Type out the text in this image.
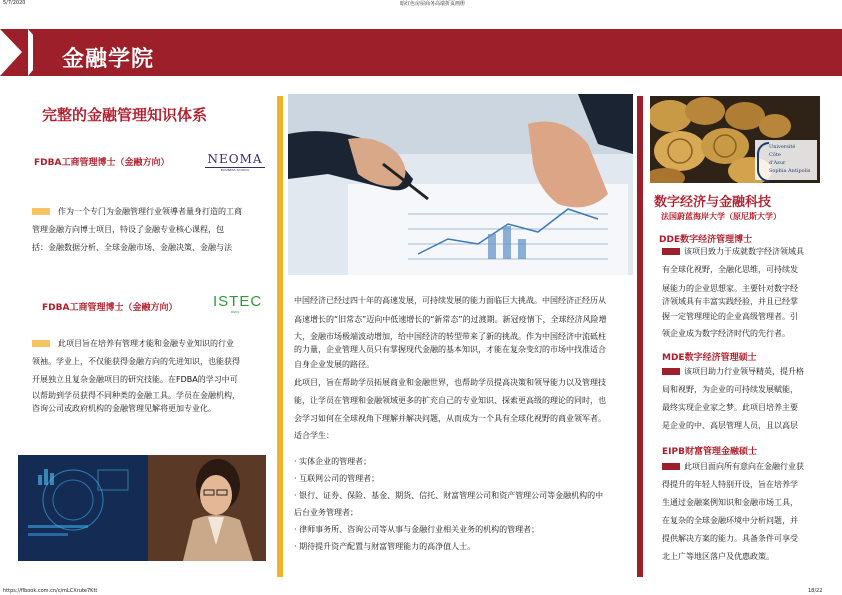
5/7/2020	暗红色房屋商务高端折页画册
金融学院
完整的金融管理知识体系
FDBA工商管理博士（金融方向）	NEOMA
BUSINESS SCHOOL
作为一个专门为金融管理行业领導者量身打造的工商
管理金融方向博士项目，特设了金融专业核心课程，包
括：金融数据分析、全球金融市场、金融决策、金融与法
FDBA工商管理博士（金融方向） ISTEC
PARIS
此项目旨在培养有管理才能和金融专业知识的行业
领袖。学业上，不仅能获得金融方向的先进知识，也能获得
开展独立且复杂金融项目的研究技能。在FDBA的学习中可
以帮助到学员获得不同种类的金融工具。学员在金融机构，
咨询公司或政府机构的金融管理见解将更加专业化。
中国经济已经过四十年的高速发展，可持续发展的能力面临巨大挑战。中国经济正经历从
高速增长的“旧常态”迈向中低速增长的“新常态”的过渡期。新冠疫情下，全球经济风险增
大，金融市场极端波动增加，给中国经济的转型带来了新的挑战。作为中国经济中流砥柱
的力量，企业管理人员只有掌握现代金融的基本知识，才能在复杂变幻的市场中找准适合
自身企业发展的路径。
此项目，旨在帮助学员拓展商业和金融世界，也帮助学员提高决策和领导能力以及管理技
能，让学员在管理和金融领域更多的扩充自己的专业知识、探索更高级的理论的同时，也
会学习如何在全球视角下理解并解决问题，从而成为一个具有全球化视野的商业领军者。
适合学生：
· 实体企业的管理者；
· 互联网公司的管理者；
· 银行、证券、保险、基金、期货、信托、财富管理公司和资产管理公司等金融机构的中
后台业务管理者；
· 律师事务所、咨询公司等从事与金融行业相关业务的机构的管理者；
· 期待提升资产配置与财富管理能力的高净值人士。
Université
Côte
d'Azur
Sophia Antipolis
数字经济与金融科技
法国蔚蓝海岸大学（原尼斯大学）
DDE数字经济管理博士
该项目致力于成就数字经济领域具
有全球化视野，全融化思维，可持续发
展能力的企业思想家。主要针对数字经
济领域具有丰富实践经验，并且已经掌
握一定管理理论的企业高级管理者。引
领企业成为数字经济时代的先行者。
MDE数字经济管理硕士
该项目助力行业领导精英，提升格
局和视野，为企业的可持续发展赋能，
最终实现企业家之梦。此项目培养主要
是企业的中、高层管理人员，且以高层
EIPB财富管理金融硕士
此项目面向所有意向在金融行业获
得提升的年轻人特别开设，旨在培养学
生通过金融案例知识和金融市场工具，
在复杂的全球金融环境中分析问题，并
提供解决方案的能力。具备条件可享受
北上广等地区落户及优惠政策。
https://flbook.com.cn/c/mLCXrute7Ktt	18/22
